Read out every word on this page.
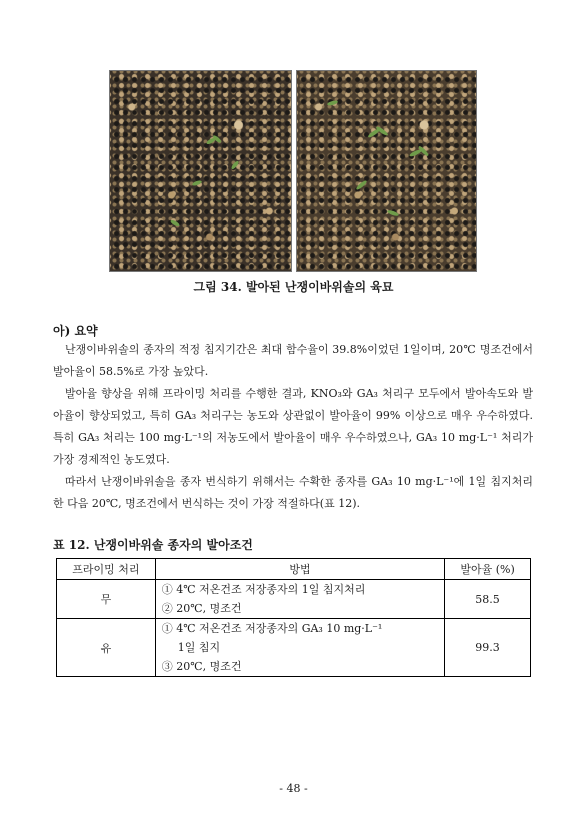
그림 34. 발아된 난쟁이바위솔의 육묘
아) 요약

난쟁이바위솔의 종자의 적정 침지기간은 최대 함수율이 39.8%이었던 1일이며, 20℃ 명조건에서 발아율이 58.5%로 가장 높았다.

발아율 향상을 위해 프라이밍 처리를 수행한 결과, KNO₃와 GA₃ 처리구 모두에서 발아속도와 발아율이 향상되었고, 특히 GA₃ 처리구는 농도와 상관없이 발아율이 99% 이상으로 매우 우수하였다. 특히 GA₃ 처리는 100 mg·L⁻¹의 저농도에서 발아율이 매우 우수하였으나, GA₃ 10 mg·L⁻¹ 처리가 가장 경제적인 농도였다.

따라서 난쟁이바위솔을 종자 번식하기 위해서는 수확한 종자를 GA₃ 10 mg·L⁻¹에 1일 침지처리한 다음 20℃, 명조건에서 번식하는 것이 가장 적절하다(표 12).

표 12. 난쟁이바위솔 종자의 발아조건
프라이밍 처리	방법	발아율 (%)
무	① 4℃ 저온건조 저장종자의 1일 침지처리
② 20℃, 명조건	58.5
유	① 4℃ 저온건조 저장종자의 GA₃ 10 mg·L⁻¹
1일 침지
③ 20℃, 명조건	99.3
- 48 -
